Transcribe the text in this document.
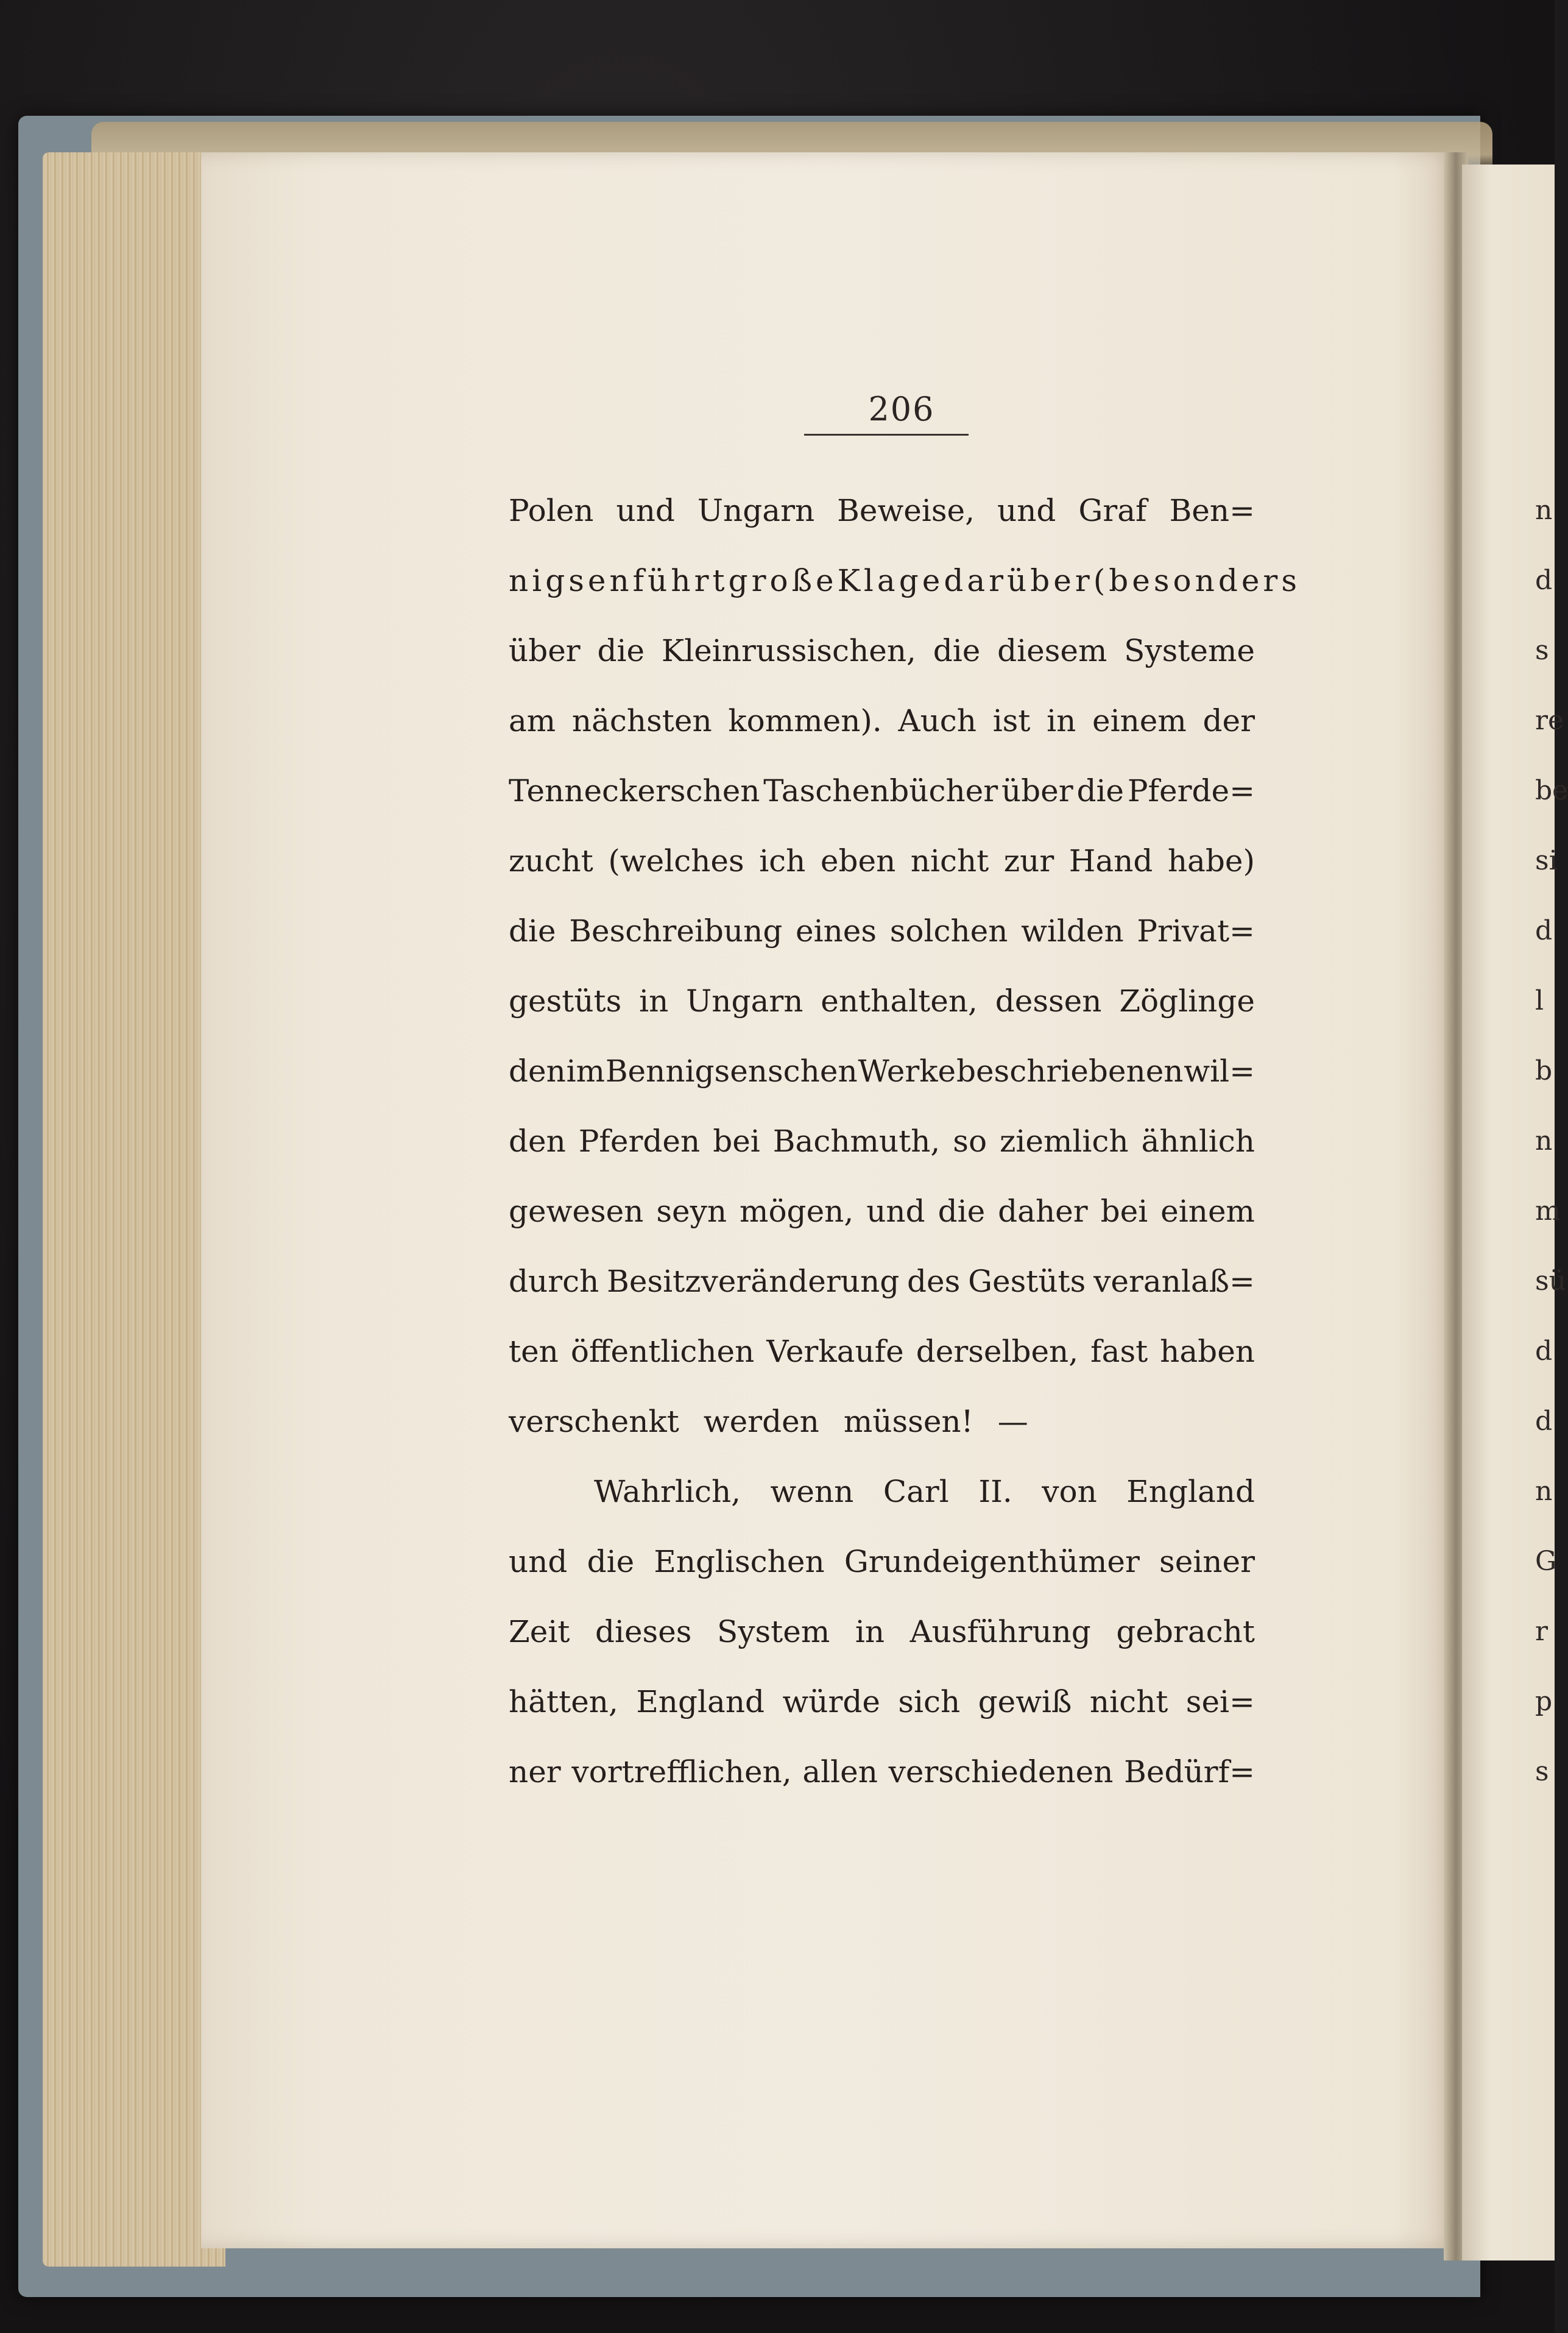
206
Polen und Ungarn Beweise, und Graf Ben=
nigsen führt große Klage darüber (besonders
über die Kleinrussischen, die diesem Systeme
am nächsten kommen). Auch ist in einem der
Tenneckerschen Taschenbücher über die Pferde=
zucht (welches ich eben nicht zur Hand habe)
die Beschreibung eines solchen wilden Privat=
gestüts in Ungarn enthalten, dessen Zöglinge
den im Bennigsenschen Werke beschriebenen wil=
den Pferden bei Bachmuth, so ziemlich ähnlich
gewesen seyn mögen, und die daher bei einem
durch Besitzveränderung des Gestüts veranlaß=
ten öffentlichen Verkaufe derselben, fast haben
verschenkt werden müssen! —
Wahrlich, wenn Carl II. von England
und die Englischen Grundeigenthümer seiner
Zeit dieses System in Ausführung gebracht
hätten, England würde sich gewiß nicht sei=
ner vortrefflichen, allen verschiedenen Bedürf=
n
d
s
re
be
si
d
l
b
n
m
sü
d
d
n
G
r
p
s
